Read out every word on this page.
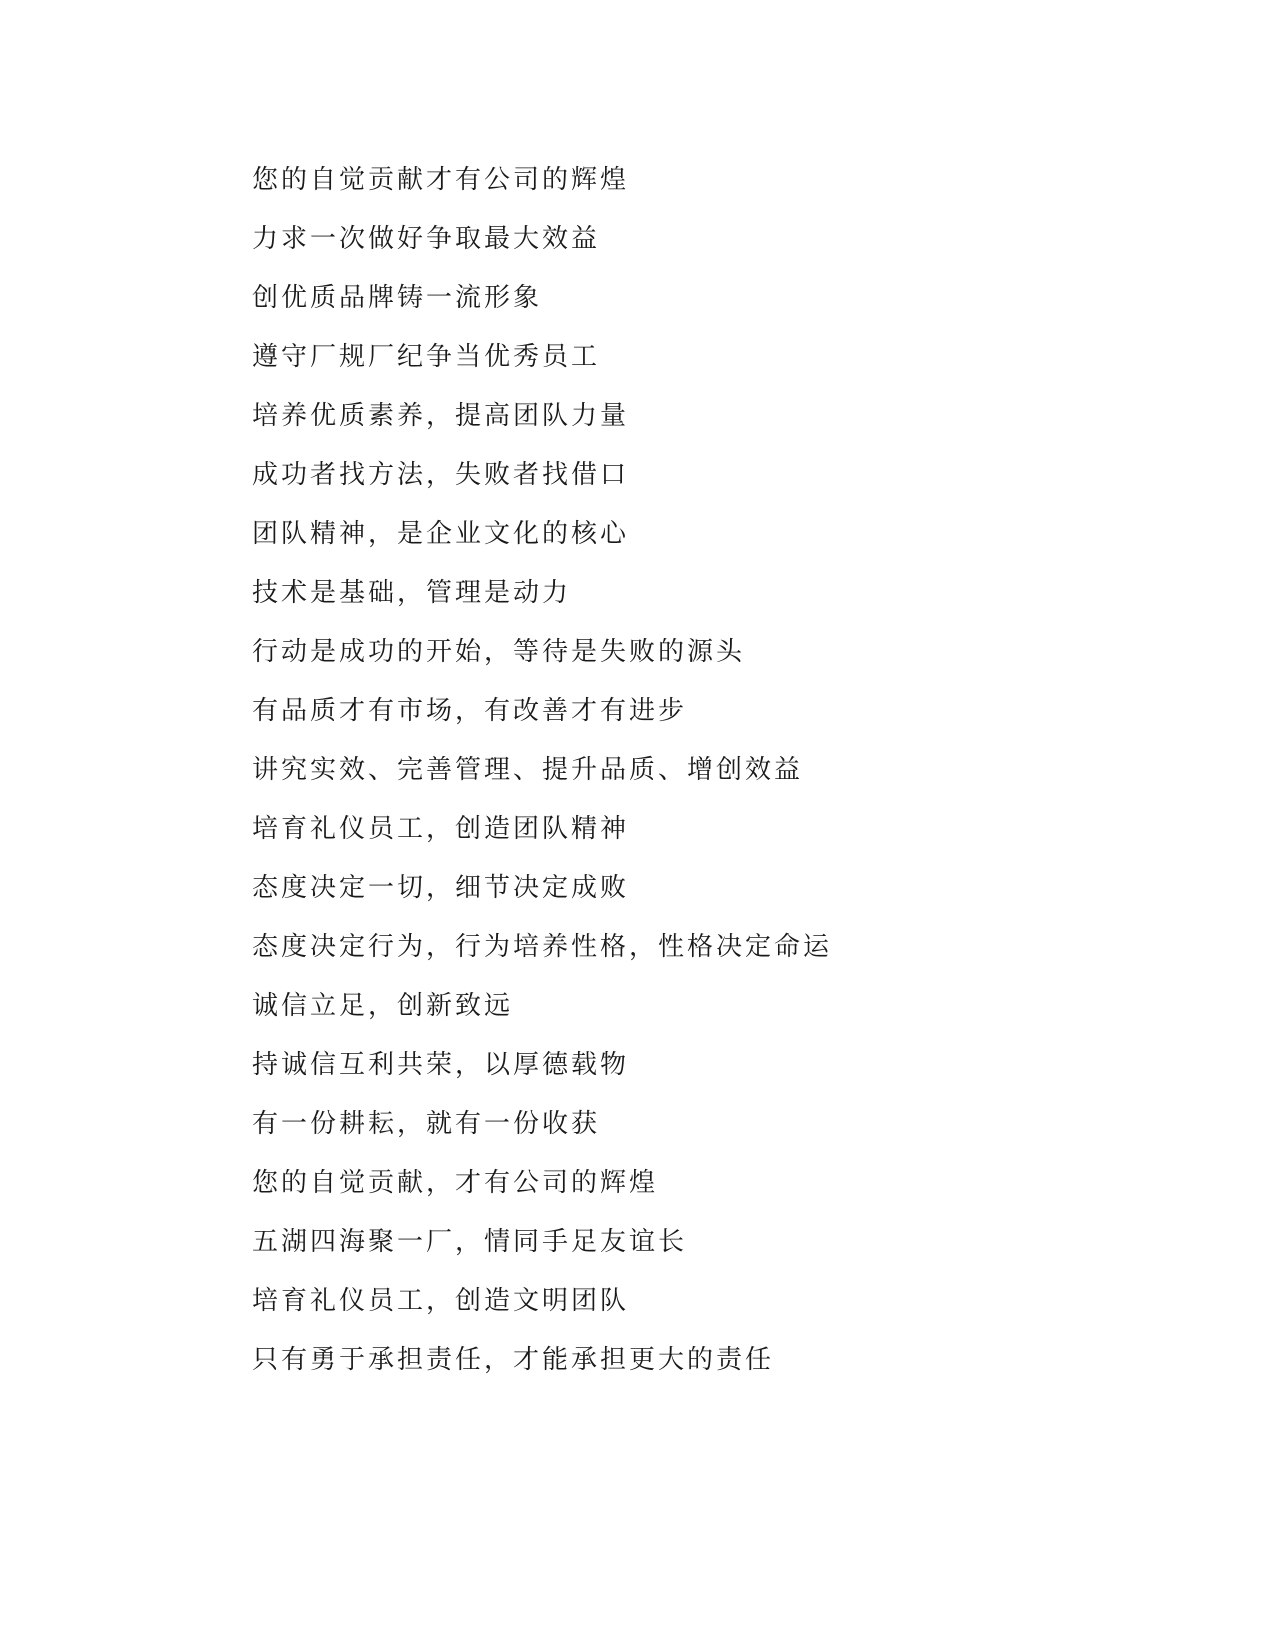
您的自觉贡献才有公司的辉煌
力求一次做好争取最大效益
创优质品牌铸一流形象
遵守厂规厂纪争当优秀员工
培养优质素养，提高团队力量
成功者找方法，失败者找借口
团队精神，是企业文化的核心
技术是基础，管理是动力
行动是成功的开始，等待是失败的源头
有品质才有市场，有改善才有进步
讲究实效、完善管理、提升品质、增创效益
培育礼仪员工，创造团队精神
态度决定一切，细节决定成败
态度决定行为，行为培养性格，性格决定命运
诚信立足，创新致远
持诚信互利共荣，以厚德载物
有一份耕耘，就有一份收获
您的自觉贡献，才有公司的辉煌
五湖四海聚一厂，情同手足友谊长
培育礼仪员工，创造文明团队
只有勇于承担责任，才能承担更大的责任
